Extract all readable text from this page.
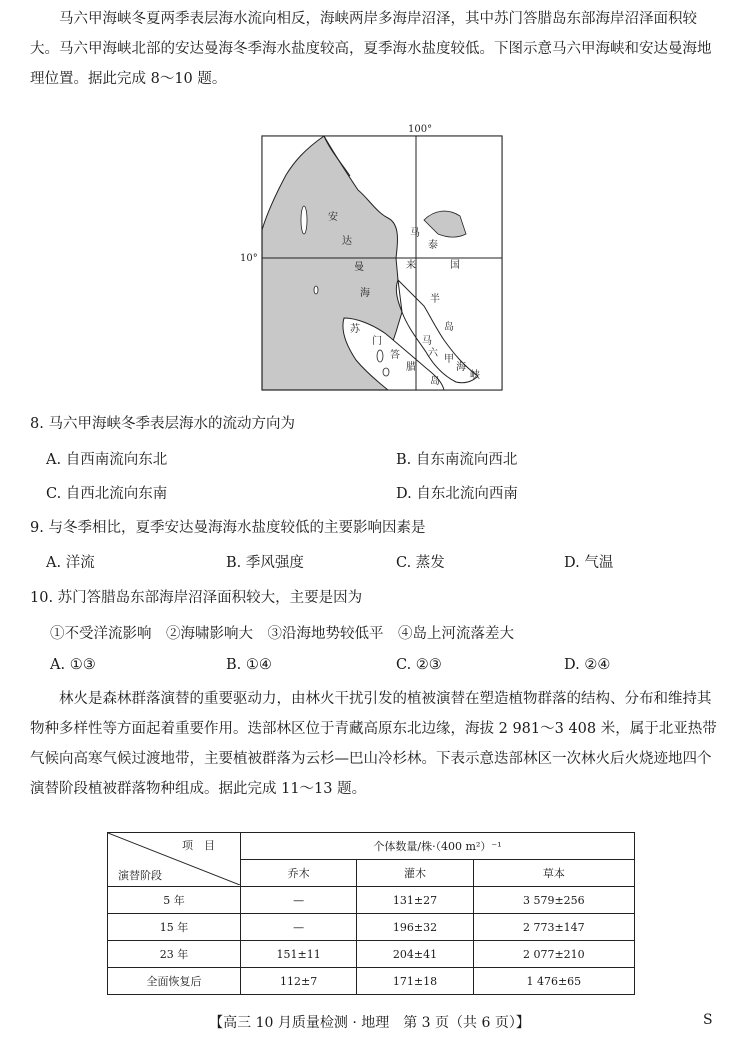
马六甲海峡冬夏两季表层海水流向相反，海峡两岸多海岸沼泽，其中苏门答腊岛东部海岸沼泽面积较大。马六甲海峡北部的安达曼海冬季海水盐度较高，夏季海水盐度较低。下图示意马六甲海峡和安达曼海地理位置。据此完成 8～10 题。
100°
10°
安
达
曼
海
泰
国
马
来
半
岛
苏
门
答
腊
岛
马
六
甲
海
峡
8. 马六甲海峡冬季表层海水的流动方向为
A. 自西南流向东北	B. 自东南流向西北
C. 自西北流向东南	D. 自东北流向西南
9. 与冬季相比，夏季安达曼海海水盐度较低的主要影响因素是
A. 洋流	B. 季风强度	C. 蒸发	D. 气温
10. 苏门答腊岛东部海岸沼泽面积较大，主要是因为
①不受洋流影响　②海啸影响大　③沿海地势较低平　④岛上河流落差大
A. ①③	B. ①④	C. ②③	D. ②④
林火是森林群落演替的重要驱动力，由林火干扰引发的植被演替在塑造植物群落的结构、分布和维持其物种多样性等方面起着重要作用。迭部林区位于青藏高原东北边缘，海拔 2 981～3 408 米，属于北亚热带气候向高寒气候过渡地带，主要植被群落为云杉—巴山冷杉林。下表示意迭部林区一次林火后火烧迹地四个演替阶段植被群落物种组成。据此完成 11～13 题。
项　目
演替阶段	个体数量/株·（400 m²）⁻¹		
	乔木	灌木	草本
5 年	—	131±27	3 579±256
15 年	—	196±32	2 773±147
23 年	151±11	204±41	2 077±210
全面恢复后	112±7	171±18	1 476±65
【高三 10 月质量检测 · 地理　第 3 页（共 6 页）】	S
